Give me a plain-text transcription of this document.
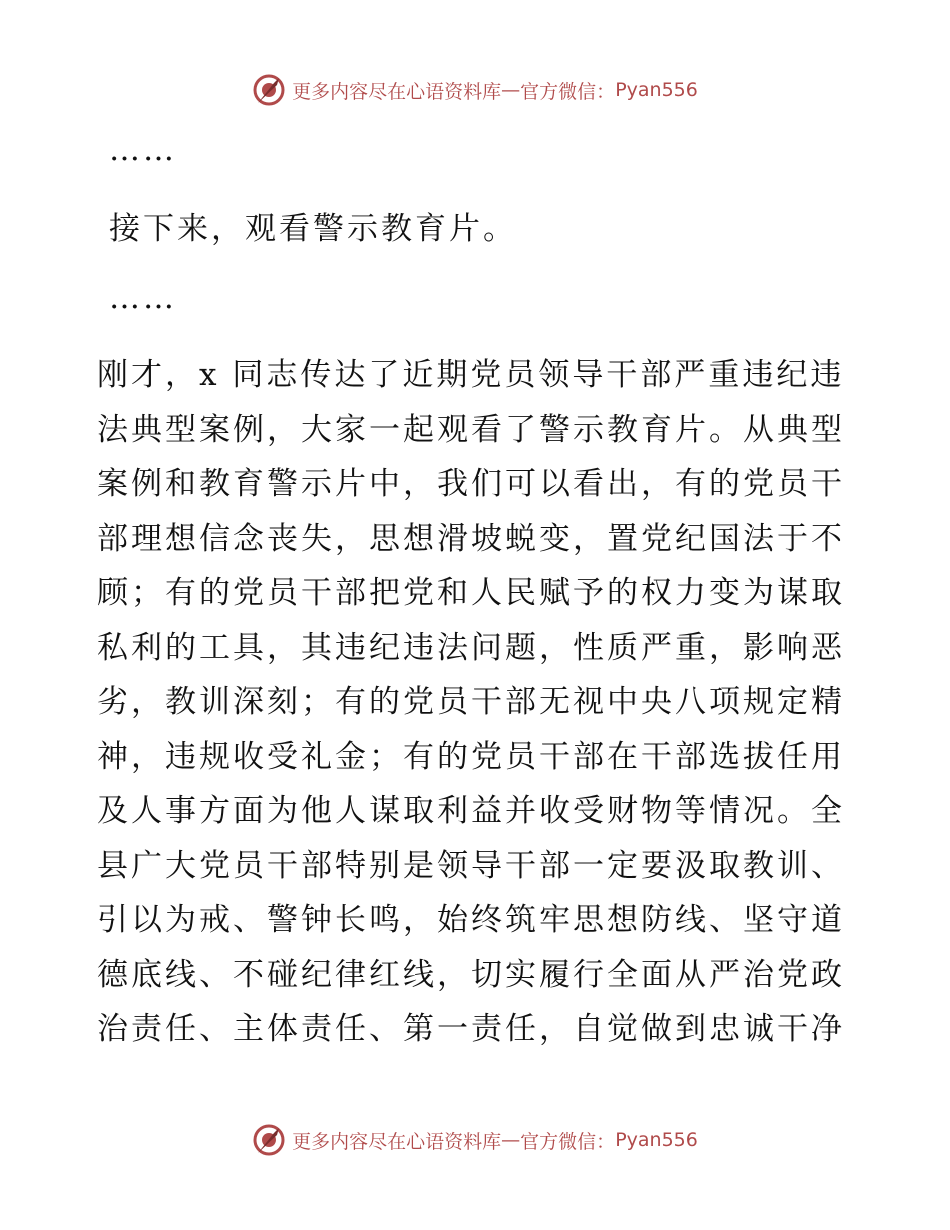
更多内容尽在心语资料库 — 官方微信： Pyan556
……
接下来，观看警示教育片。
……
刚才，x 同志传达了近期党员领导干部严重违纪违
法典型案例，大家一起观看了警示教育片。从典型
案例和教育警示片中，我们可以看出，有的党员干
部理想信念丧失，思想滑坡蜕变，置党纪国法于不
顾；有的党员干部把党和人民赋予的权力变为谋取
私利的工具，其违纪违法问题，性质严重，影响恶
劣，教训深刻；有的党员干部无视中央八项规定精
神，违规收受礼金；有的党员干部在干部选拔任用
及人事方面为他人谋取利益并收受财物等情况。全
县广大党员干部特别是领导干部一定要汲取教训、
引以为戒、警钟长鸣，始终筑牢思想防线、坚守道
德底线、不碰纪律红线，切实履行全面从严治党政
治责任、主体责任、第一责任，自觉做到忠诚干净
更多内容尽在心语资料库 — 官方微信： Pyan556
